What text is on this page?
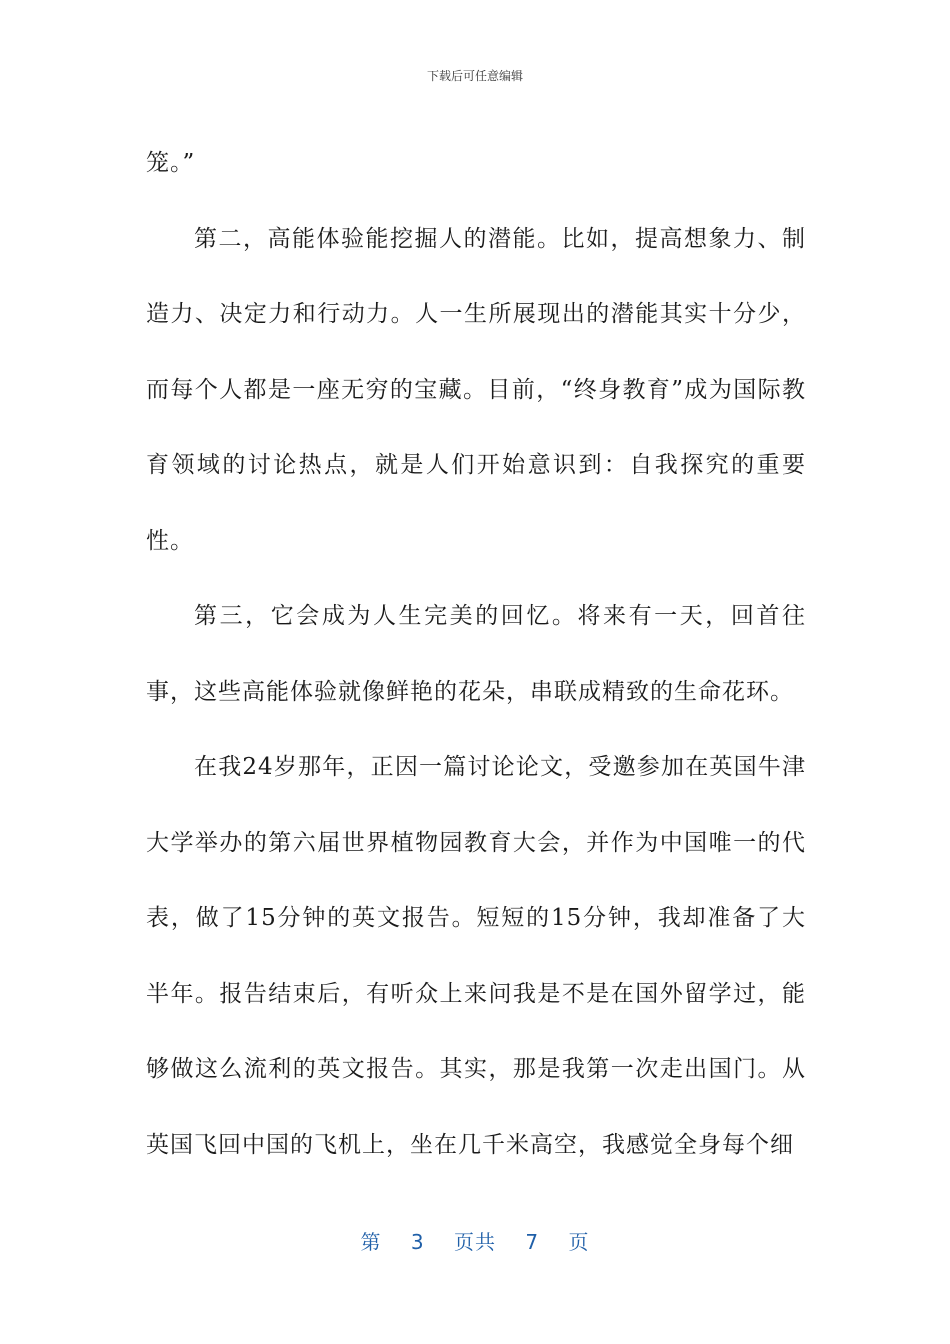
下载后可任意编辑

笼。”

第二，高能体验能挖掘人的潜能。比如，提高想象力、制造力、决定力和行动力。人一生所展现出的潜能其实十分少，而每个人都是一座无穷的宝藏。目前，“终身教育”成为国际教育领域的讨论热点，就是人们开始意识到：自我探究的重要性。

第三，它会成为人生完美的回忆。将来有一天，回首往事，这些高能体验就像鲜艳的花朵，串联成精致的生命花环。

在我24岁那年，正因一篇讨论论文，受邀参加在英国牛津大学举办的第六届世界植物园教育大会，并作为中国唯一的代表，做了15分钟的英文报告。短短的15分钟，我却准备了大半年。报告结束后，有听众上来问我是不是在国外留学过，能够做这么流利的英文报告。其实，那是我第一次走出国门。从英国飞回中国的飞机上，坐在几千米高空，我感觉全身每个细

第 3 页共 7 页
